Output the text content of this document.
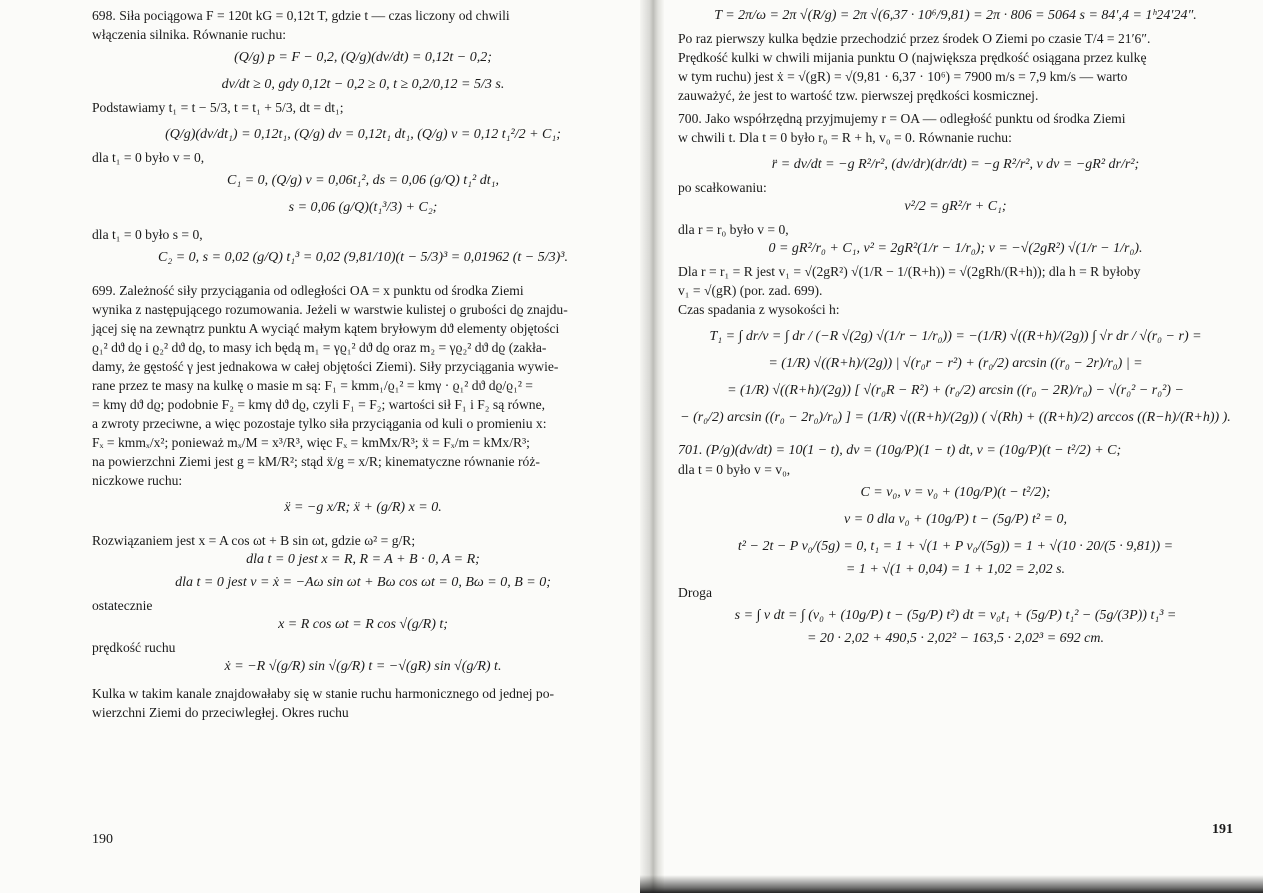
698. Siła pociągowa F = 120t kG = 0,12t T, gdzie t — czas liczony od chwili

włączenia silnika. Równanie ruchu:

(Q/g) p = F − 0,2, (Q/g)(dv/dt) = 0,12t − 0,2;

dv/dt ≥ 0, gdy 0,12t − 0,2 ≥ 0, t ≥ 0,2/0,12 = 5/3 s.

Podstawiamy t₁ = t − 5/3, t = t₁ + 5/3, dt = dt₁;

(Q/g)(dv/dt₁) = 0,12t₁, (Q/g) dv = 0,12t₁ dt₁, (Q/g) v = 0,12 t₁²/2 + C₁;

dla t₁ = 0 było v = 0,

C₁ = 0, (Q/g) v = 0,06t₁², ds = 0,06 (g/Q) t₁² dt₁,

s = 0,06 (g/Q)(t₁³/3) + C₂;

dla t₁ = 0 było s = 0,

C₂ = 0, s = 0,02 (g/Q) t₁³ = 0,02 (9,81/10)(t − 5/3)³ = 0,01962 (t − 5/3)³.

699. Zależność siły przyciągania od odległości OA = x punktu od środka Ziemi

wynika z następującego rozumowania. Jeżeli w warstwie kulistej o grubości dϱ znajdu-

jącej się na zewnątrz punktu A wyciąć małym kątem bryłowym dϑ elementy objętości

ϱ₁² dϑ dϱ i ϱ₂² dϑ dϱ, to masy ich będą m₁ = γϱ₁² dϑ dϱ oraz m₂ = γϱ₂² dϑ dϱ (zakła-

damy, że gęstość γ jest jednakowa w całej objętości Ziemi). Siły przyciągania wywie-

rane przez te masy na kulkę o masie m są: F₁ = kmm₁/ϱ₁² = kmγ · ϱ₁² dϑ dϱ/ϱ₁² =

= kmγ dϑ dϱ; podobnie F₂ = kmγ dϑ dϱ, czyli F₁ = F₂; wartości sił F₁ i F₂ są równe,

a zwroty przeciwne, a więc pozostaje tylko siła przyciągania od kuli o promieniu x:

Fₓ = kmmₓ/x²; ponieważ mₓ/M = x³/R³, więc Fₓ = kmMx/R³; ẍ = Fₓ/m = kMx/R³;

na powierzchni Ziemi jest g = kM/R²; stąd ẍ/g = x/R; kinematyczne równanie róż-

niczkowe ruchu:

ẍ = −g x/R; ẍ + (g/R) x = 0.

Rozwiązaniem jest x = A cos ωt + B sin ωt, gdzie ω² = g/R;

dla t = 0 jest x = R, R = A + B · 0, A = R;

dla t = 0 jest v = ẋ = −Aω sin ωt + Bω cos ωt = 0, Bω = 0, B = 0;

ostatecznie

x = R cos ωt = R cos √(g/R) t;

prędkość ruchu

ẋ = −R √(g/R) sin √(g/R) t = −√(gR) sin √(g/R) t.

Kulka w takim kanale znajdowałaby się w stanie ruchu harmonicznego od jednej po-

wierzchni Ziemi do przeciwległej. Okres ruchu

190

T = 2π/ω = 2π √(R/g) = 2π √(6,37 · 10⁶/9,81) = 2π · 806 = 5064 s = 84′,4 = 1ʰ24′24″.

Po raz pierwszy kulka będzie przechodzić przez środek O Ziemi po czasie T/4 = 21′6″.

Prędkość kulki w chwili mijania punktu O (największa prędkość osiągana przez kulkę

w tym ruchu) jest ẋ = √(gR) = √(9,81 · 6,37 · 10⁶) = 7900 m/s = 7,9 km/s — warto

zauważyć, że jest to wartość tzw. pierwszej prędkości kosmicznej.

700. Jako współrzędną przyjmujemy r = OA — odległość punktu od środka Ziemi

w chwili t. Dla t = 0 było r₀ = R + h, v₀ = 0. Równanie ruchu:

r̈ = dv/dt = −g R²/r², (dv/dr)(dr/dt) = −g R²/r², v dv = −gR² dr/r²;

po scałkowaniu:

v²/2 = gR²/r + C₁;

dla r = r₀ było v = 0,

0 = gR²/r₀ + C₁, v² = 2gR²(1/r − 1/r₀); v = −√(2gR²) √(1/r − 1/r₀).

Dla r = r₁ = R jest v₁ = √(2gR²) √(1/R − 1/(R+h)) = √(2gRh/(R+h)); dla h = R byłoby

v₁ = √(gR) (por. zad. 699).

Czas spadania z wysokości h:

T₁ = ∫ dr/v = ∫ dr / (−R √(2g) √(1/r − 1/r₀)) = −(1/R) √((R+h)/(2g)) ∫ √r dr / √(r₀ − r) =

= (1/R) √((R+h)/(2g)) | √(r₀r − r²) + (r₀/2) arcsin ((r₀ − 2r)/r₀) | =

= (1/R) √((R+h)/(2g)) [ √(r₀R − R²) + (r₀/2) arcsin ((r₀ − 2R)/r₀) − √(r₀² − r₀²) −

− (r₀/2) arcsin ((r₀ − 2r₀)/r₀) ] = (1/R) √((R+h)/(2g)) ( √(Rh) + ((R+h)/2) arccos ((R−h)/(R+h)) ).

701. (P/g)(dv/dt) = 10(1 − t), dv = (10g/P)(1 − t) dt, v = (10g/P)(t − t²/2) + C;

dla t = 0 było v = v₀,

C = v₀, v = v₀ + (10g/P)(t − t²/2);

v = 0 dla v₀ + (10g/P) t − (5g/P) t² = 0,

t² − 2t − P v₀/(5g) = 0, t₁ = 1 + √(1 + P v₀/(5g)) = 1 + √(10 · 20/(5 · 9,81)) =

= 1 + √(1 + 0,04) = 1 + 1,02 = 2,02 s.

Droga

s = ∫ v dt = ∫ (v₀ + (10g/P) t − (5g/P) t²) dt = v₀t₁ + (5g/P) t₁² − (5g/(3P)) t₁³ =

= 20 · 2,02 + 490,5 · 2,02² − 163,5 · 2,02³ = 692 cm.

191
